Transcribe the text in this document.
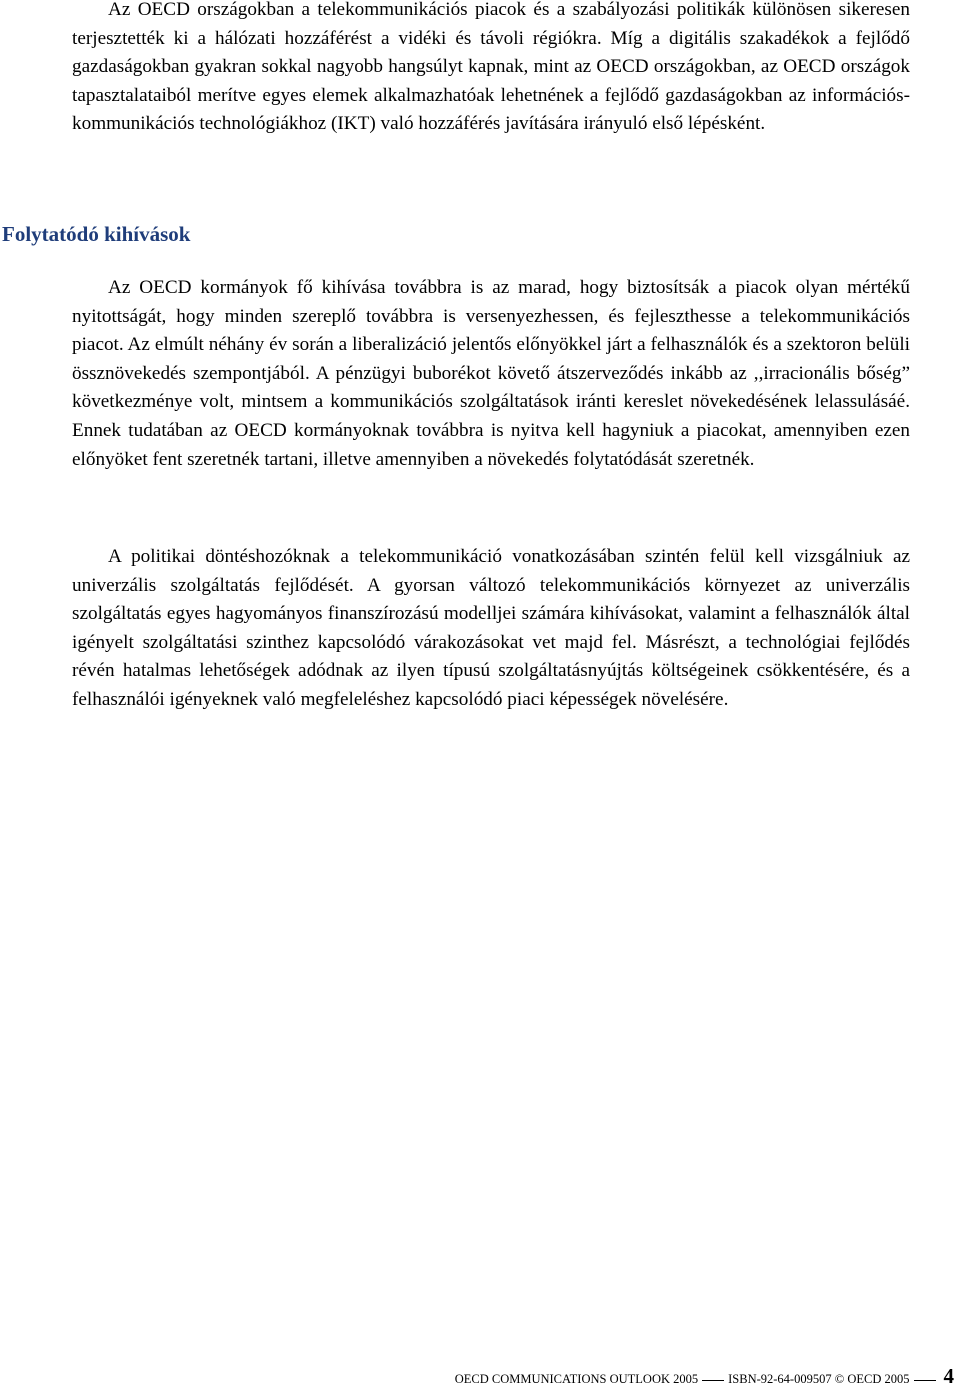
Az OECD országokban a telekommunikációs piacok és a szabályozási politikák különösen sikeresen terjesztették ki a hálózati hozzáférést a vidéki és távoli régiókra. Míg a digitális szakadékok a fejlődő gazdaságokban gyakran sokkal nagyobb hangsúlyt kapnak, mint az OECD országokban, az OECD országok tapasztalataiból merítve egyes elemek alkalmazhatóak lehetnének a fejlődő gazdaságokban az információs-kommunikációs technológiákhoz (IKT) való hozzáférés javítására irányuló első lépésként.

Folytatódó kihívások

Az OECD kormányok fő kihívása továbbra is az marad, hogy biztosítsák a piacok olyan mértékű nyitottságát, hogy minden szereplő továbbra is versenyezhessen, és fejleszthesse a telekommunikációs piacot. Az elmúlt néhány év során a liberalizáció jelentős előnyökkel járt a felhasználók és a szektoron belüli össznövekedés szempontjából. A pénzügyi buborékot követő átszerveződés inkább az ,,irracionális bőség” következménye volt, mintsem a kommunikációs szolgáltatások iránti kereslet növekedésének lelassulásáé. Ennek tudatában az OECD kormányoknak továbbra is nyitva kell hagyniuk a piacokat, amennyiben ezen előnyöket fent szeretnék tartani, illetve amennyiben a növekedés folytatódását szeretnék.

A politikai döntéshozóknak a telekommunikáció vonatkozásában szintén felül kell vizsgálniuk az univerzális szolgáltatás fejlődését. A gyorsan változó telekommunikációs környezet az univerzális szolgáltatás egyes hagyományos finanszírozású modelljei számára kihívásokat, valamint a felhasználók által igényelt szolgáltatási szinthez kapcsolódó várakozásokat vet majd fel. Másrészt, a technológiai fejlődés révén hatalmas lehetőségek adódnak az ilyen típusú szolgáltatásnyújtás költségeinek csökkentésére, és a felhasználói igényeknek való megfeleléshez kapcsolódó piaci képességek növelésére.

OECD COMMUNICATIONS OUTLOOK 2005 ISBN-92-64-009507 © OECD 2005 4
